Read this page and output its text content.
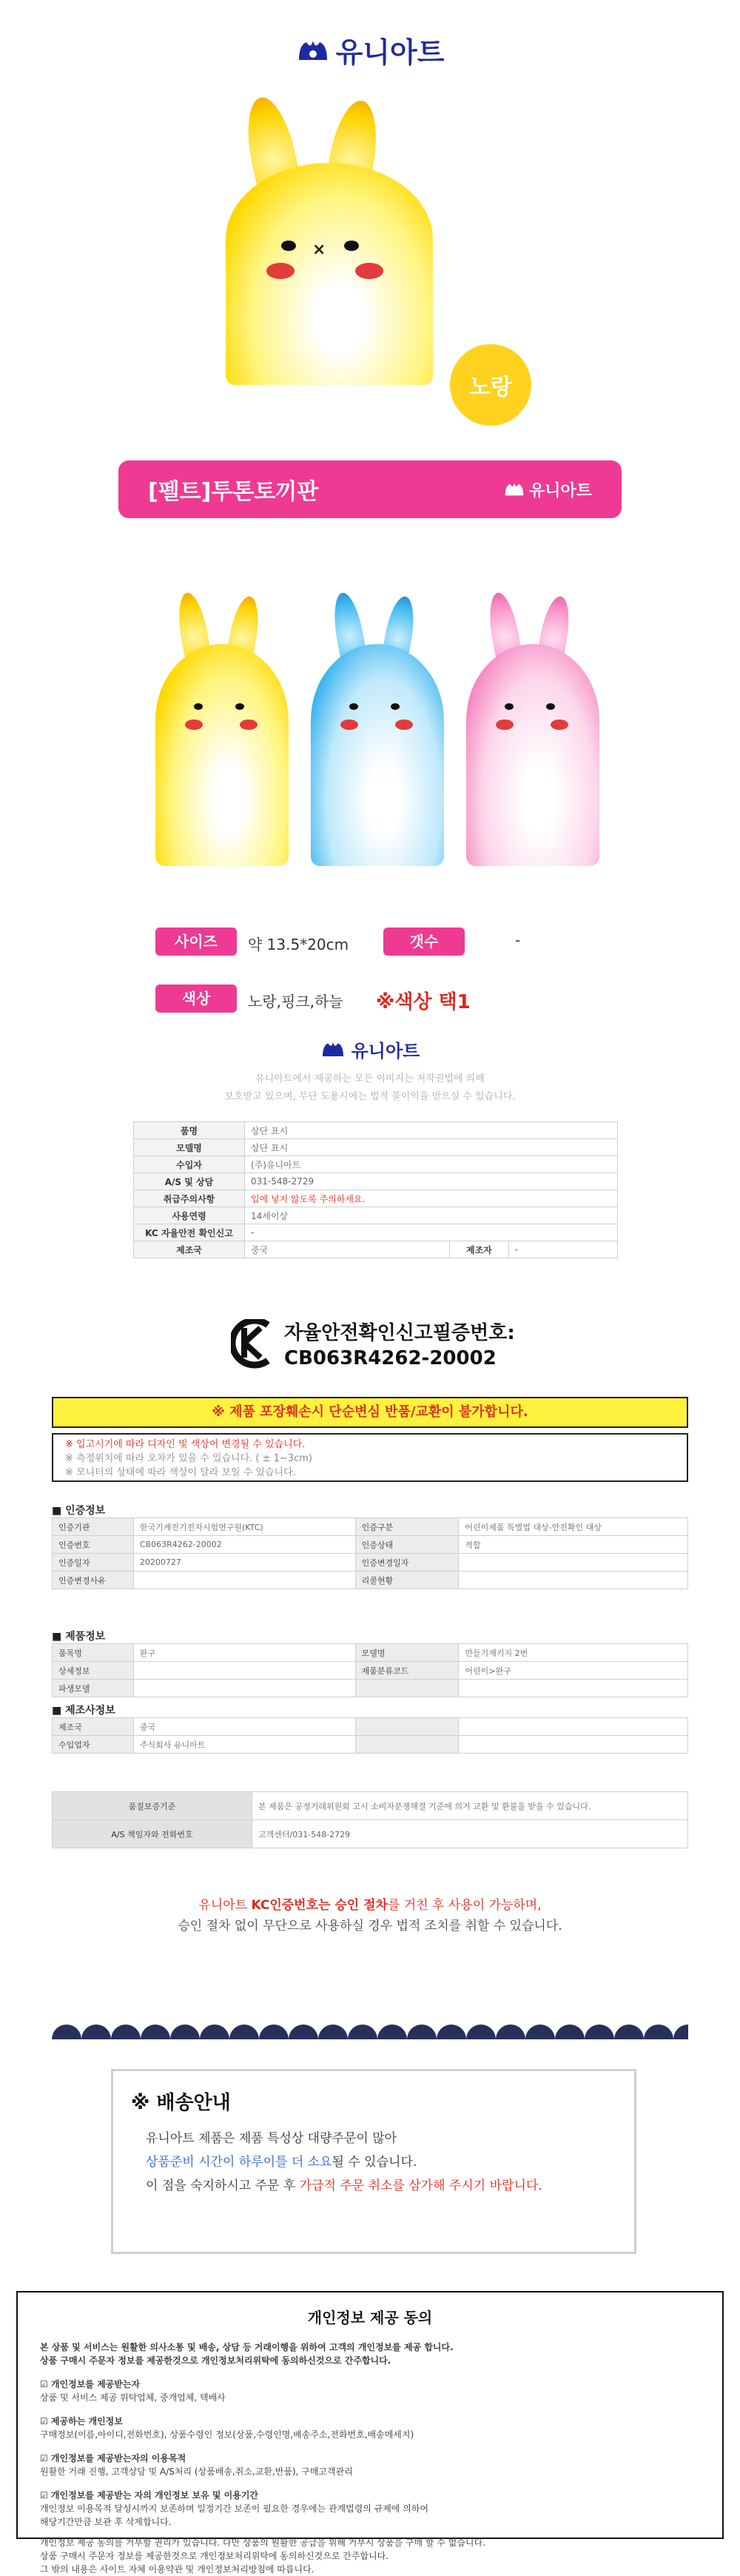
유니아트
×
노랑
[펠트]투톤토끼판	유니아트
사이즈	약 13.5*20cm	갯수	-
색상	노랑,핑크,하늘 ※색상 택1
유니아트
유니아트에서 제공하는 모든 이미지는 저작권법에 의해
보호받고 있으며, 무단 도용시에는 법적 불이익을 받으실 수 있습니다.
품명	상단 표시		
모델명	상단 표시		
수입자	(주)유니아트		
A/S 및 상담	031-548-2729		
취급주의사항	입에 넣지 않도록 주의하세요.		
사용연령	14세이상		
KC 자율안전 확인신고	-		
제조국	중국	제조자	-
자율안전확인신고필증번호:
CB063R4262-20002
※ 제품 포장훼손시 단순변심 반품/교환이 불가합니다.
※ 입고시기에 따라 디자인 및 색상이 변경될 수 있습니다.
※ 측정위치에 따라 오차가 있을 수 있습니다. ( ± 1~3cm)
※ 모니터의 상태에 따라 색상이 달라 보일 수 있습니다.
■ 인증정보
인증기관	한국기계전기전자시험연구원(KTC)	인증구분	어린이제품 특별법 대상-안전확인 대상
인증번호	CB063R4262-20002	인증상태	적합
인증일자	20200727	인증변경일자	
인증변경사유		리콜현황	
■ 제품정보
품목명	완구	모델명	만들기재키지 2번
상세정보		제품분류코드	어린이>완구
파생모델			
■ 제조사정보
제조국	중국		
수입업자	주식회사 유니아트		
품질보증기준	본 제품은 공정거래위원회 고시 소비자분쟁해결 기준에 의거 교환 및 환불을 받을 수 있습니다.
A/S 책임자와 전화번호	고객센터/031-548-2729
유니아트 KC인증번호는 승인 절차를 거친 후 사용이 가능하며,
승인 절차 없이 무단으로 사용하실 경우 법적 조치를 취할 수 있습니다.
※ 배송안내
유니아트 제품은 제품 특성상 대량주문이 많아
상품준비 시간이 하루이틀 더 소요될 수 있습니다.
이 점을 숙지하시고 주문 후 가급적 주문 취소를 삼가해 주시기 바랍니다.
개인정보 제공 동의
본 상품 및 서비스는 원활한 의사소통 및 배송, 상담 등 거래이행을 위하여 고객의 개인정보를 제공 합니다.
상품 구매시 주문자 정보를 제공한것으로 개인정보처리위탁에 동의하신것으로 간주합니다.
☑ 개인정보를 제공받는자
상품 및 서비스 제공 위탁업체, 중개업체, 택배사
☑ 제공하는 개인정보
구매정보(이름,아이디,전화번호), 상품수령인 정보(상품,수령인명,배송주소,전화번호,배송메세지)
☑ 개인정보를 제공받는자의 이용목적
원활한 거래 진행, 고객상담 및 A/S처리 (상품배송,취소,교환,반품), 구매고객관리
☑ 개인정보를 제공받는 자의 개인정보 보유 및 이용기간
개인정보 이용목적 달성시까지 보존하며 일정기간 보존이 필요한 경우에는 관계법령의 규제에 의하여
해당기간만큼 보관 후 삭제합니다.
개인정보 제공 동의를 거부할 권리가 있습니다. 다만 상품의 원활한 공급을 위해 거부시 상품을 구매 할 수 없습니다.
상품 구매시 주문자 정보를 제공한것으로 개인정보처리위탁에 동의하신것으로 간주합니다.
그 밖의 내용은 사이트 자체 이용약관 및 개인정보처리방침에 따릅니다.
